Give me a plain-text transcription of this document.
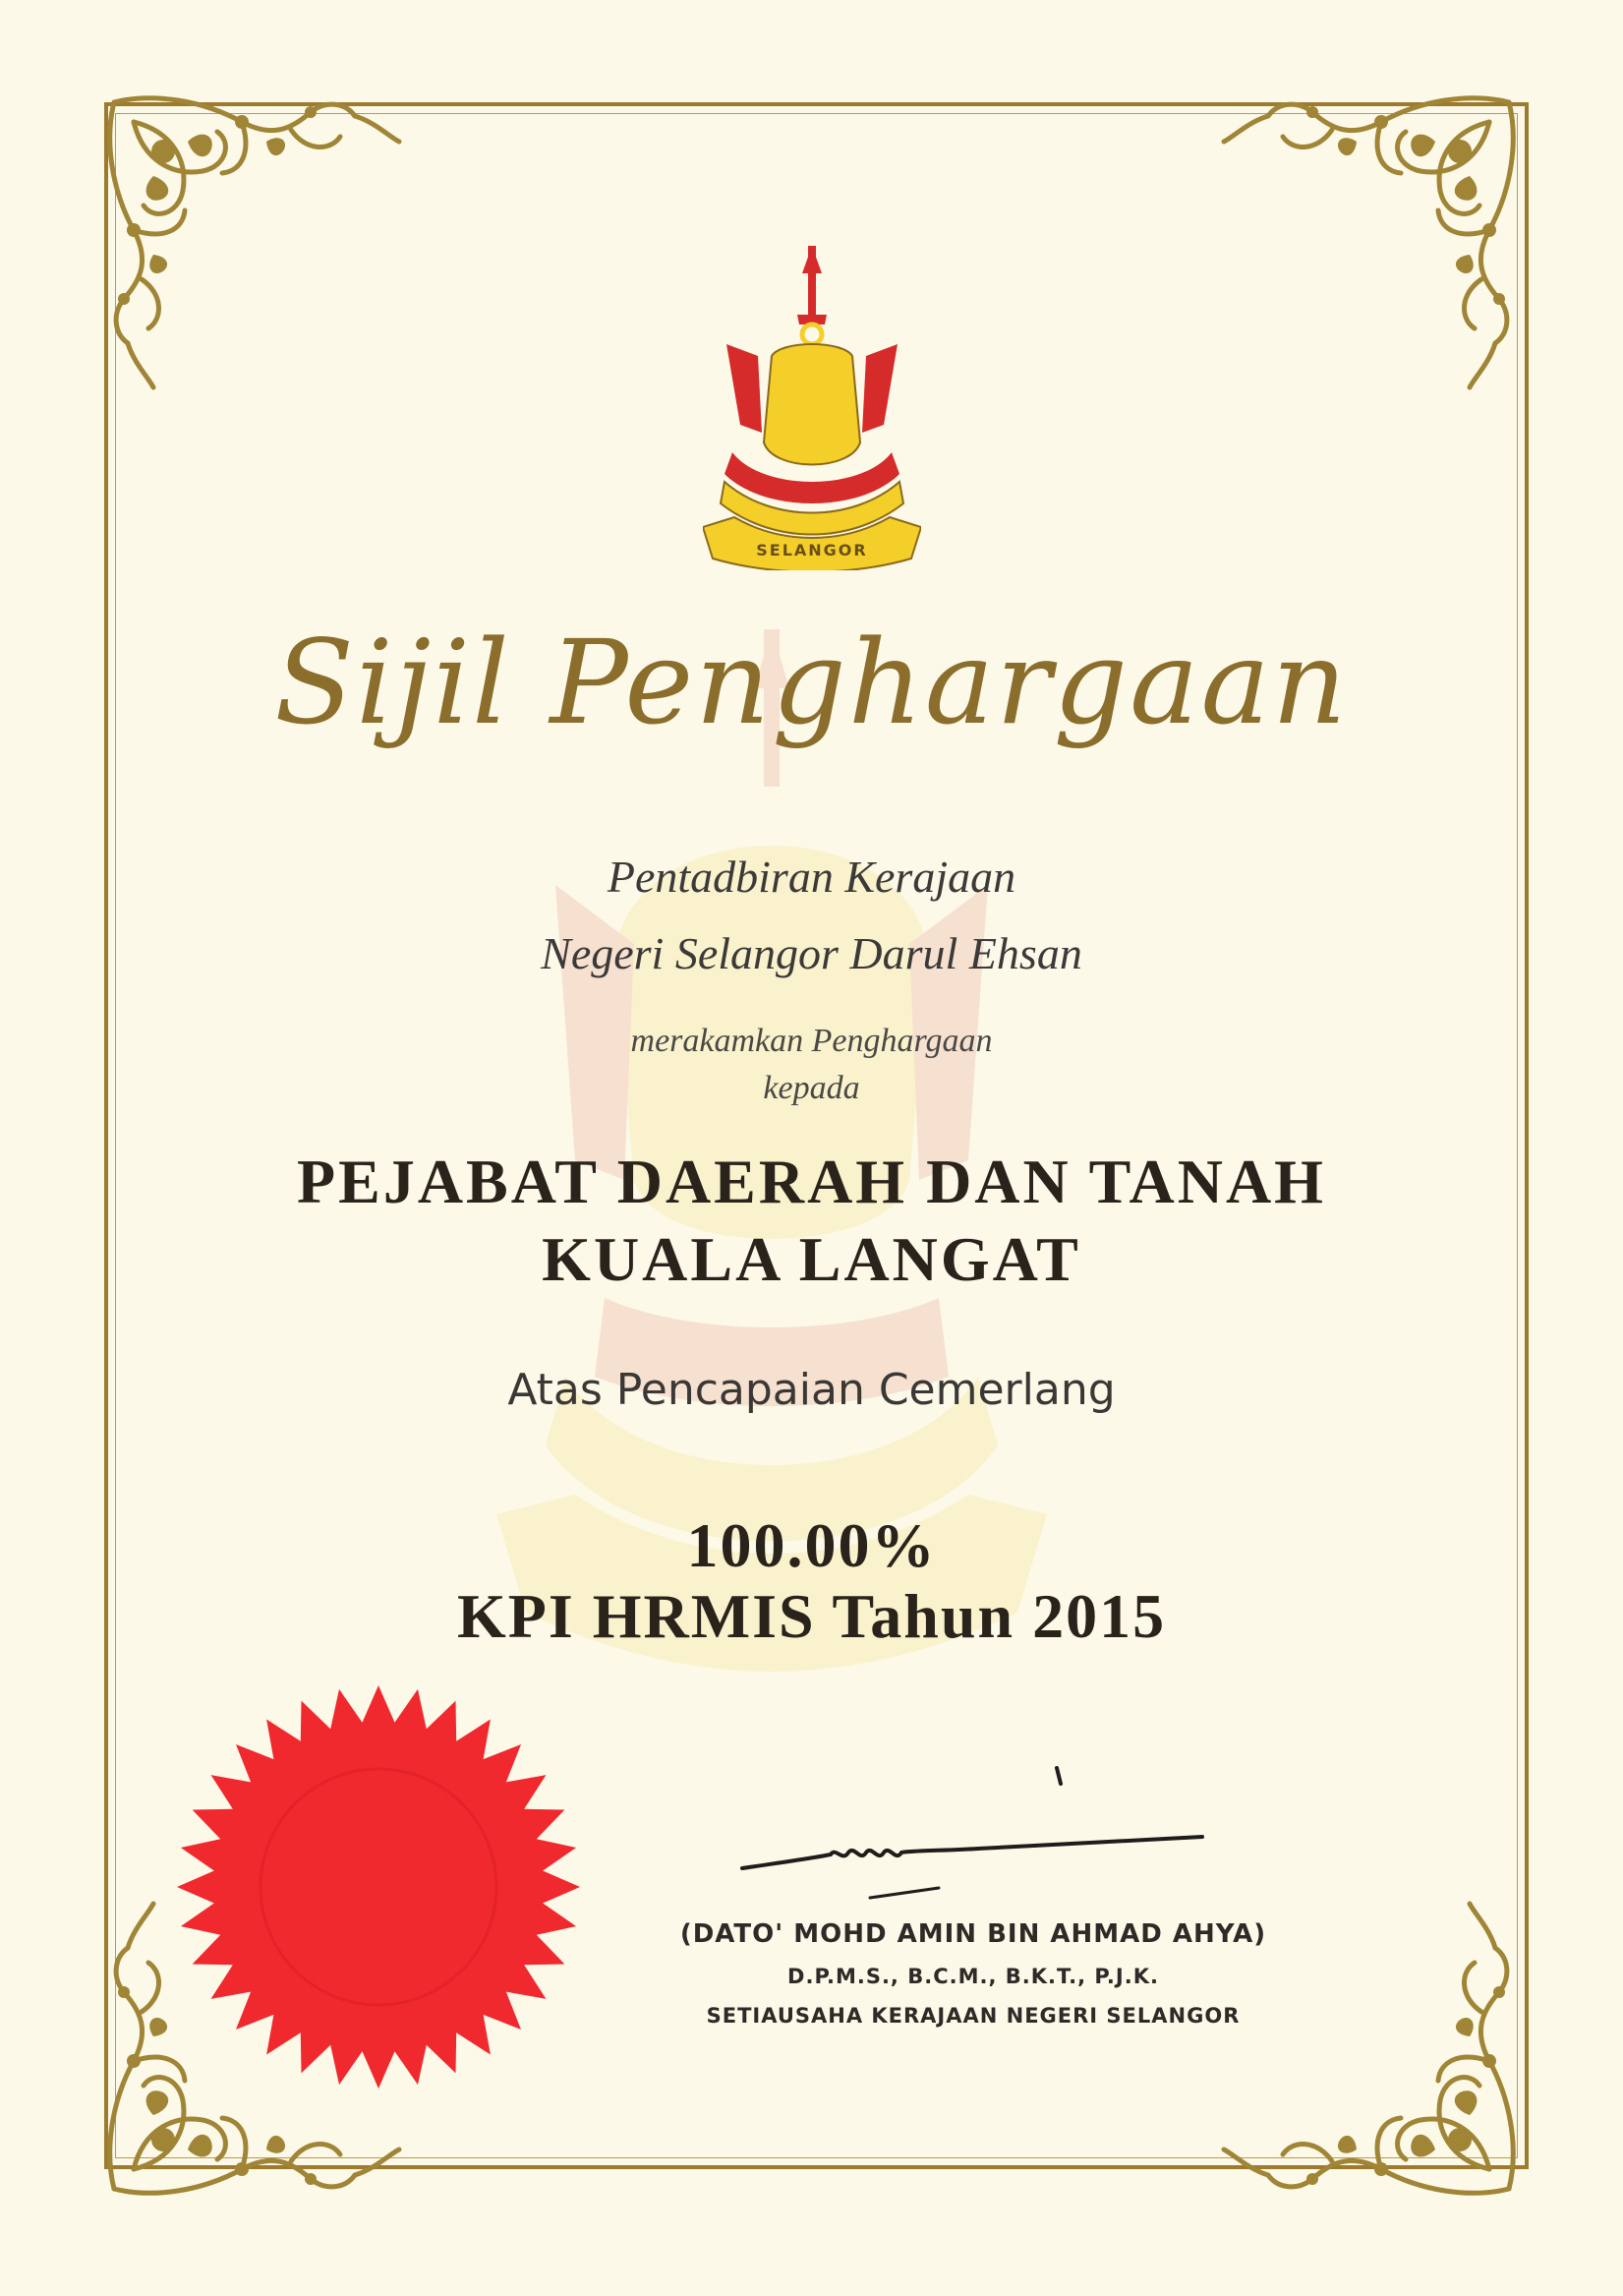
SELANGOR
Sijil Penghargaan
Pentadbiran Kerajaan
Negeri Selangor Darul Ehsan
merakamkan Penghargaan
kepada
PEJABAT DAERAH DAN TANAH
KUALA LANGAT
Atas Pencapaian Cemerlang
100.00%
KPI HRMIS Tahun 2015
(DATO' MOHD AMIN BIN AHMAD AHYA)
D.P.M.S., B.C.M., B.K.T., P.J.K.
SETIAUSAHA KERAJAAN NEGERI SELANGOR
